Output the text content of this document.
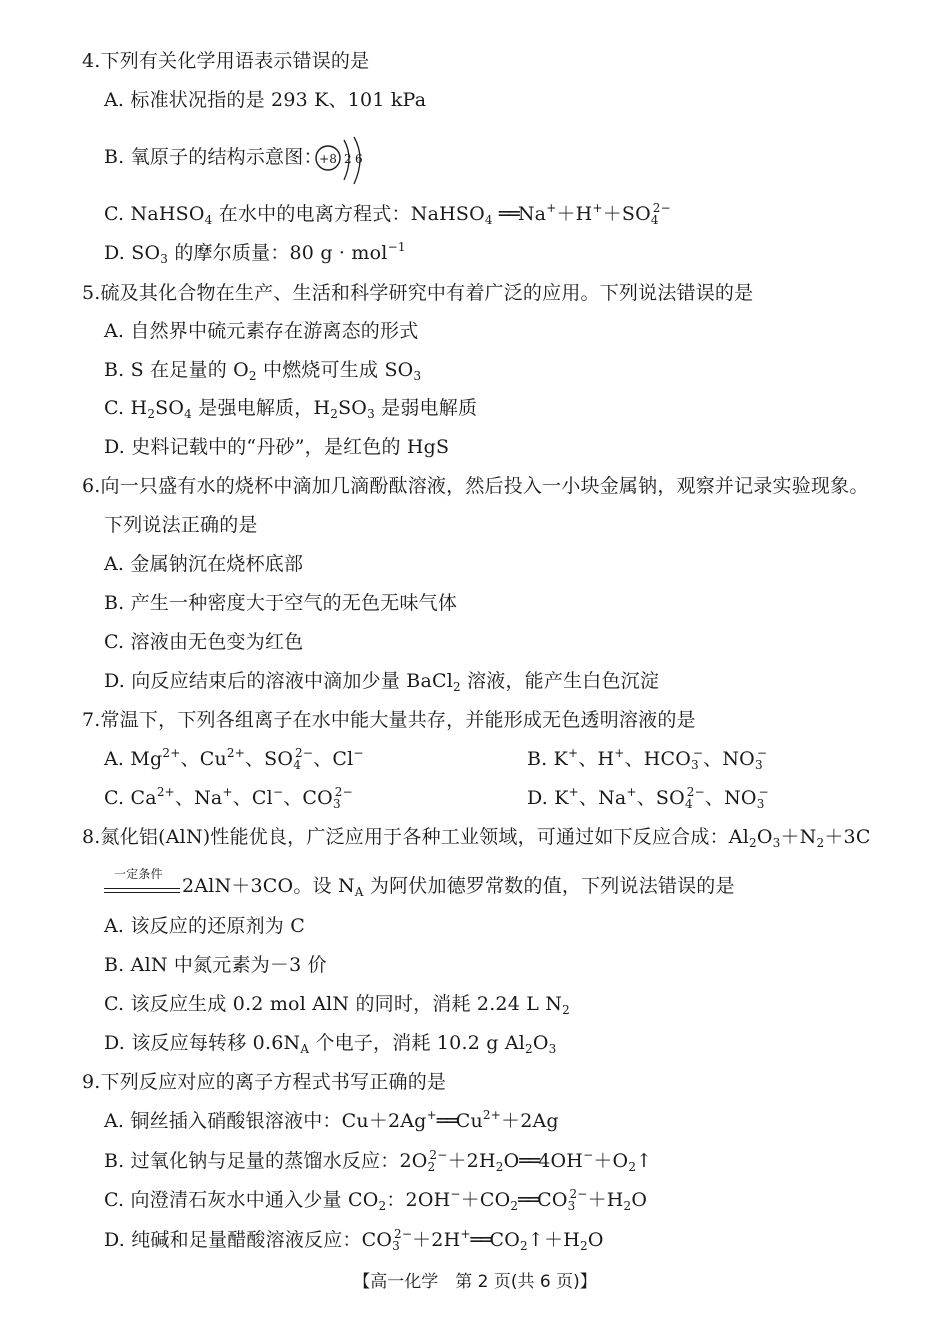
4.下列有关化学用语表示错误的是
A. 标准状况指的是 293 K、101 kPa
B. 氧原子的结构示意图：
+8 2 6
C. NaHSO$_4$ 在水中的电离方程式：NaHSO$_4$ $══Na^++H^++SO_4^{2-}$
D. $SO_3$ 的摩尔质量：80 g · mol$^{-1}$
5.硫及其化合物在生产、生活和科学研究中有着广泛的应用。下列说法错误的是
A. 自然界中硫元素存在游离态的形式
B. S 在足量的 $O_2$ 中燃烧可生成 $SO_3$
C. $H_2SO_4$ 是强电解质，$H_2SO_3$ 是弱电解质
D. 史料记载中的“丹砂”，是红色的 HgS
6.向一只盛有水的烧杯中滴加几滴酚酞溶液，然后投入一小块金属钠，观察并记录实验现象。
下列说法正确的是
A. 金属钠沉在烧杯底部
B. 产生一种密度大于空气的无色无味气体
C. 溶液由无色变为红色
D. 向反应结束后的溶液中滴加少量 BaCl$_2$ 溶液，能产生白色沉淀
7.常温下，下列各组离子在水中能大量共存，并能形成无色透明溶液的是
A. $Mg^{2+}$、$Cu^{2+}$、$SO_4^{2-}$、Cl−	B. K+、H+、$HCO_3^-$、$NO_3^-$
C. $Ca^{2+}$、Na+、Cl−、$CO_3^{2-}$	D. K+、Na+、$SO_4^{2-}$、$NO_3^-$
8.氮化铝(AlN)性能优良，广泛应用于各种工业领域，可通过如下反应合成：$Al_2O_3+N_2+3C$
一定条件
2AlN＋3CO。设 $N_A$ 为阿伏加德罗常数的值，下列说法错误的是
A. 该反应的还原剂为 C
B. AlN 中氮元素为－3 价
C. 该反应生成 0.2 mol AlN 的同时，消耗 2.24 L $N_2$
D. 该反应每转移 $0.6N_A$ 个电子，消耗 10.2 g $Al_2O_3$
9.下列反应对应的离子方程式书写正确的是
A. 铜丝插入硝酸银溶液中：$Cu+2Ag^+══Cu^{2+}+2Ag$
B. 过氧化钠与足量的蒸馏水反应：$2O_2^{2-}+2H_2O══4OH^-+O_2↑$
C. 向澄清石灰水中通入少量 $CO_2$：$2OH^-+CO_2══CO_3^{2-}+H_2O$
D. 纯碱和足量醋酸溶液反应：$CO_3^{2-}+2H^+══CO_2↑+H_2O$
【高一化学　第 2 页(共 6 页)】
